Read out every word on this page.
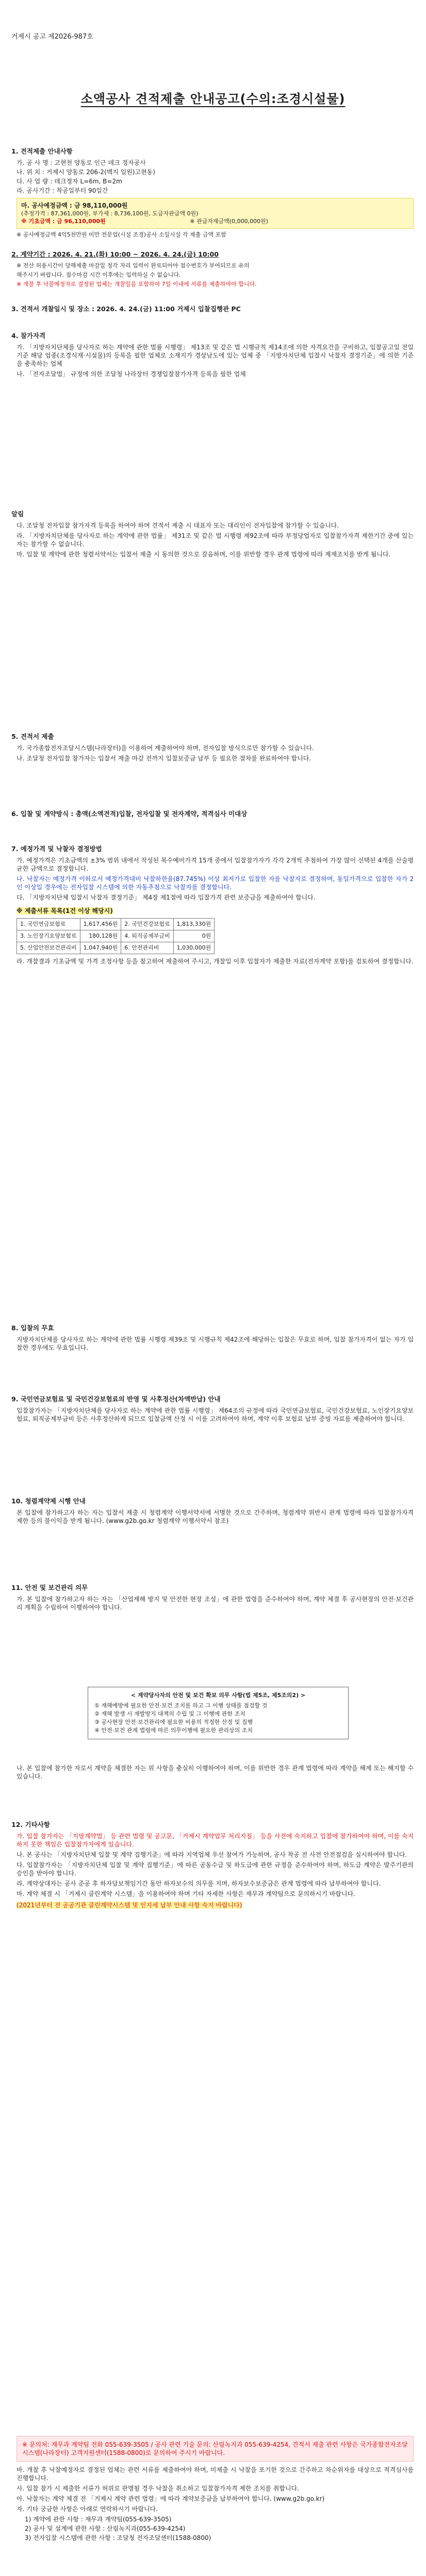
거제시 공고 제2026-987호
소액공사 견적제출 안내공고(수의:조경시설물)
1. 견적제출 안내사항
가. 공 사 명 : 고현천 양동로 인근 데크 정자공사
나. 위 치 : 거제시 양동로 206-2(백지 일원)고현동)
다. 사 업 량 : 데크정자 L=6m, B=2m
라. 공사기간 : 착공일부터 90일간
마. 공사예정금액 : 금 98,110,000원
(추정가격 : 87,361,000원, 부가세 : 8,736,100원, 도급자관급액 0원)
※ 기초금액 : 금 96,110,000원	※ 관급자재금액(0,000,000원)
※ 공사예정금액 4억5천만원 미만 전문업(시설 조경)공사 소일시설 각 제출 금액 포함
2. 계약기간 : 2026. 4. 21.(화) 10:00 ~ 2026. 4. 24.(금) 10:00
※ 전산 허용시간이 당해제출 마감일 정각 자리 입력이 완료되어야 접수번호가 부여되므로 유의
해주시기 바랍니다. 접수마감 시간 이후에는 입력하실 수 없습니다.
※ 개찰 후 낙찰예정자로 결정된 업체는 개찰일을 포함하여 7일 이내에 서류를 제출하여야 합니다.
3. 견적서 개찰일시 및 장소 : 2026. 4. 24.(금) 11:00 거제시 입찰집행관 PC
4. 참가자격
가. 「지방자치단체를 당사자로 하는 계약에 관한 법률 시행령」 제13조 및 같은 법 시행규칙 제14조에 의한 자격요건을 구비하고, 입찰공고일 전일 기준 해당 업종(조경식재·시설물)의 등록을 필한 업체로 소재지가 경상남도에 있는 업체 중 「지방자치단체 입찰시 낙찰자 결정기준」에 의한 기준을 충족하는 업체
나. 「전자조달법」 규정에 의한 조달청 나라장터 경쟁입찰참가자격 등록을 필한 업체
알림
다. 조달청 전자입찰 참가자격 등록을 하여야 하며 견적서 제출 시 대표자 또는 대리인이 전자입찰에 참가할 수 있습니다.
라. 「지방자치단체를 당사자로 하는 계약에 관한 법률」 제31조 및 같은 법 시행령 제92조에 따라 부정당업자로 입찰참가자격 제한기간 중에 있는 자는 참가할 수 없습니다.
마. 입찰 및 계약에 관한 청렴서약서는 입찰서 제출 시 동의한 것으로 갈음하며, 이를 위반할 경우 관계 법령에 따라 제재조치를 받게 됩니다.
5. 견적서 제출
가. 국가종합전자조달시스템(나라장터)을 이용하여 제출하여야 하며, 전자입찰 방식으로만 참가할 수 있습니다.
나. 조달청 전자입찰 참가자는 입찰서 제출 마감 전까지 입찰보증금 납부 등 필요한 절차를 완료하여야 합니다.
6. 입찰 및 계약방식 : 총액(소액견적)입찰, 전자입찰 및 전자계약, 적격심사 미대상
7. 예정가격 및 낙찰자 결정방법
가. 예정가격은 기초금액의 ±3% 범위 내에서 작성된 복수예비가격 15개 중에서 입찰참가자가 각각 2개씩 추첨하여 가장 많이 선택된 4개를 산술평균한 금액으로 결정합니다.
나. 낙찰자는 예정가격 이하로서 예정가격대비 낙찰하한율(87.745%) 이상 최저가로 입찰한 자를 낙찰자로 결정하며, 동일가격으로 입찰한 자가 2인 이상일 경우에는 전자입찰 시스템에 의한 자동추첨으로 낙찰자를 결정합니다.
다. 「지방자치단체 입찰시 낙찰자 결정기준」 제4장 제1절에 따라 입찰가격 관련 보증금을 제출하여야 합니다.
※ 제출서류 목록(1건 이상 해당시)
1. 국민연금보험료	1,617,456원	2. 국민건강보험료	1,813,330원
3. 노인장기요양보험료	180,128원	4. 퇴직공제부금비	0원
5. 산업안전보건관리비	1,047,940원	6. 안전관리비	1,030,000원
라. 개찰결과 기초금액 및 가격 조정사항 등을 참고하여 제출하여 주시고, 개찰일 이후 입찰자가 제출한 자료(전자계약 포함)를 검토하여 결정합니다.
8. 입찰의 무효
지방자치단체를 당사자로 하는 계약에 관한 법률 시행령 제39조 및 시행규칙 제42조에 해당하는 입찰은 무효로 하며, 입찰 참가자격이 없는 자가 입찰한 경우에도 무효입니다.
9. 국민연금보험료 및 국민건강보험료의 반영 및 사후정산(차액반납) 안내
입찰참가자는 「지방자치단체를 당사자로 하는 계약에 관한 법률 시행령」 제64조의 규정에 따라 국민연금보험료, 국민건강보험료, 노인장기요양보험료, 퇴직공제부금비 등은 사후정산하게 되므로 입찰금액 산정 시 이를 고려하여야 하며, 계약 이후 보험료 납부 증빙 자료를 제출하여야 합니다.
10. 청렴계약제 시행 안내
본 입찰에 참가하고자 하는 자는 입찰서 제출 시 청렴계약 이행서약서에 서명한 것으로 간주하며, 청렴계약 위반시 관계 법령에 따라 입찰참가자격 제한 등의 불이익을 받게 됩니다. (www.g2b.go.kr 청렴계약 이행서약서 참조)
11. 안전 및 보건관리 의무
가. 본 입찰에 참가하고자 하는 자는 「산업재해 방지 및 안전한 현장 조성」에 관한 법령을 준수하여야 하며, 계약 체결 후 공사현장의 안전·보건관리 계획을 수립하여 이행하여야 합니다.
< 계약당사자의 안전 및 보건 확보 의무 사항(법 제5조, 제5조의2) >
① 재해예방에 필요한 안전·보건 조치를 하고 그 이행 상태를 점검할 것
② 재해 발생 시 재발방지 대책의 수립 및 그 이행에 관한 조치
③ 공사현장 안전·보건관리에 필요한 비용의 적정한 산정 및 집행
④ 안전·보건 관계 법령에 따른 의무이행에 필요한 관리상의 조치
나. 본 입찰에 참가한 자로서 계약을 체결한 자는 위 사항을 충실히 이행하여야 하며, 이를 위반한 경우 관계 법령에 따라 계약을 해제 또는 해지할 수 있습니다.
12. 기타사항
가. 입찰 참가자는 「지방계약법」 등 관련 법령 및 공고문, 「거제시 계약업무 처리지침」 등을 사전에 숙지하고 입찰에 참가하여야 하며, 이를 숙지하지 못한 책임은 입찰참가자에게 있습니다.
나. 본 공사는 「지방자치단체 입찰 및 계약 집행기준」에 따라 지역업체 우선 참여가 가능하며, 공사 착공 전 사전 안전점검을 실시하여야 합니다.
다. 입찰참가자는 「지방자치단체 입찰 및 계약 집행기준」에 따른 공동수급 및 하도급에 관한 규정을 준수하여야 하며, 하도급 계약은 발주기관의 승인을 받아야 합니다.
라. 계약상대자는 공사 준공 후 하자담보책임기간 동안 하자보수의 의무를 지며, 하자보수보증금은 관계 법령에 따라 납부하여야 합니다.
마. 계약 체결 시 「거제시 클린계약 시스템」을 이용하여야 하며 기타 자세한 사항은 재무과 계약팀으로 문의하시기 바랍니다.
(2021년부터 전 공공기관 클린계약시스템 및 인지세 납부 안내 사항 숙지 바랍니다)
※ 문의처: 재무과 계약팀 전화 055-639-3505 / 공사 관련 기술 문의: 산림녹지과 055-639-4254, 견적서 제출 관련 사항은 국가종합전자조달시스템(나라장터) 고객지원센터(1588-0800)로 문의하여 주시기 바랍니다.
바. 개찰 후 낙찰예정자로 결정된 업체는 관련 서류를 제출하여야 하며, 미제출 시 낙찰을 포기한 것으로 간주하고 차순위자를 대상으로 적격심사를 진행합니다.
사. 입찰 참가 시 제출한 서류가 허위로 판명될 경우 낙찰을 취소하고 입찰참가자격 제한 조치를 취합니다.
아. 낙찰자는 계약 체결 전 「거제시 계약 관련 법령」에 따라 계약보증금을 납부하여야 합니다. (www.g2b.go.kr)
자. 기타 궁금한 사항은 아래로 연락하시기 바랍니다.
1) 계약에 관한 사항 : 재무과 계약팀(055-639-3505)
2) 공사 및 설계에 관한 사항 : 산림녹지과(055-639-4254)
3) 전자입찰 시스템에 관한 사항 : 조달청 전자조달센터(1588-0800)
